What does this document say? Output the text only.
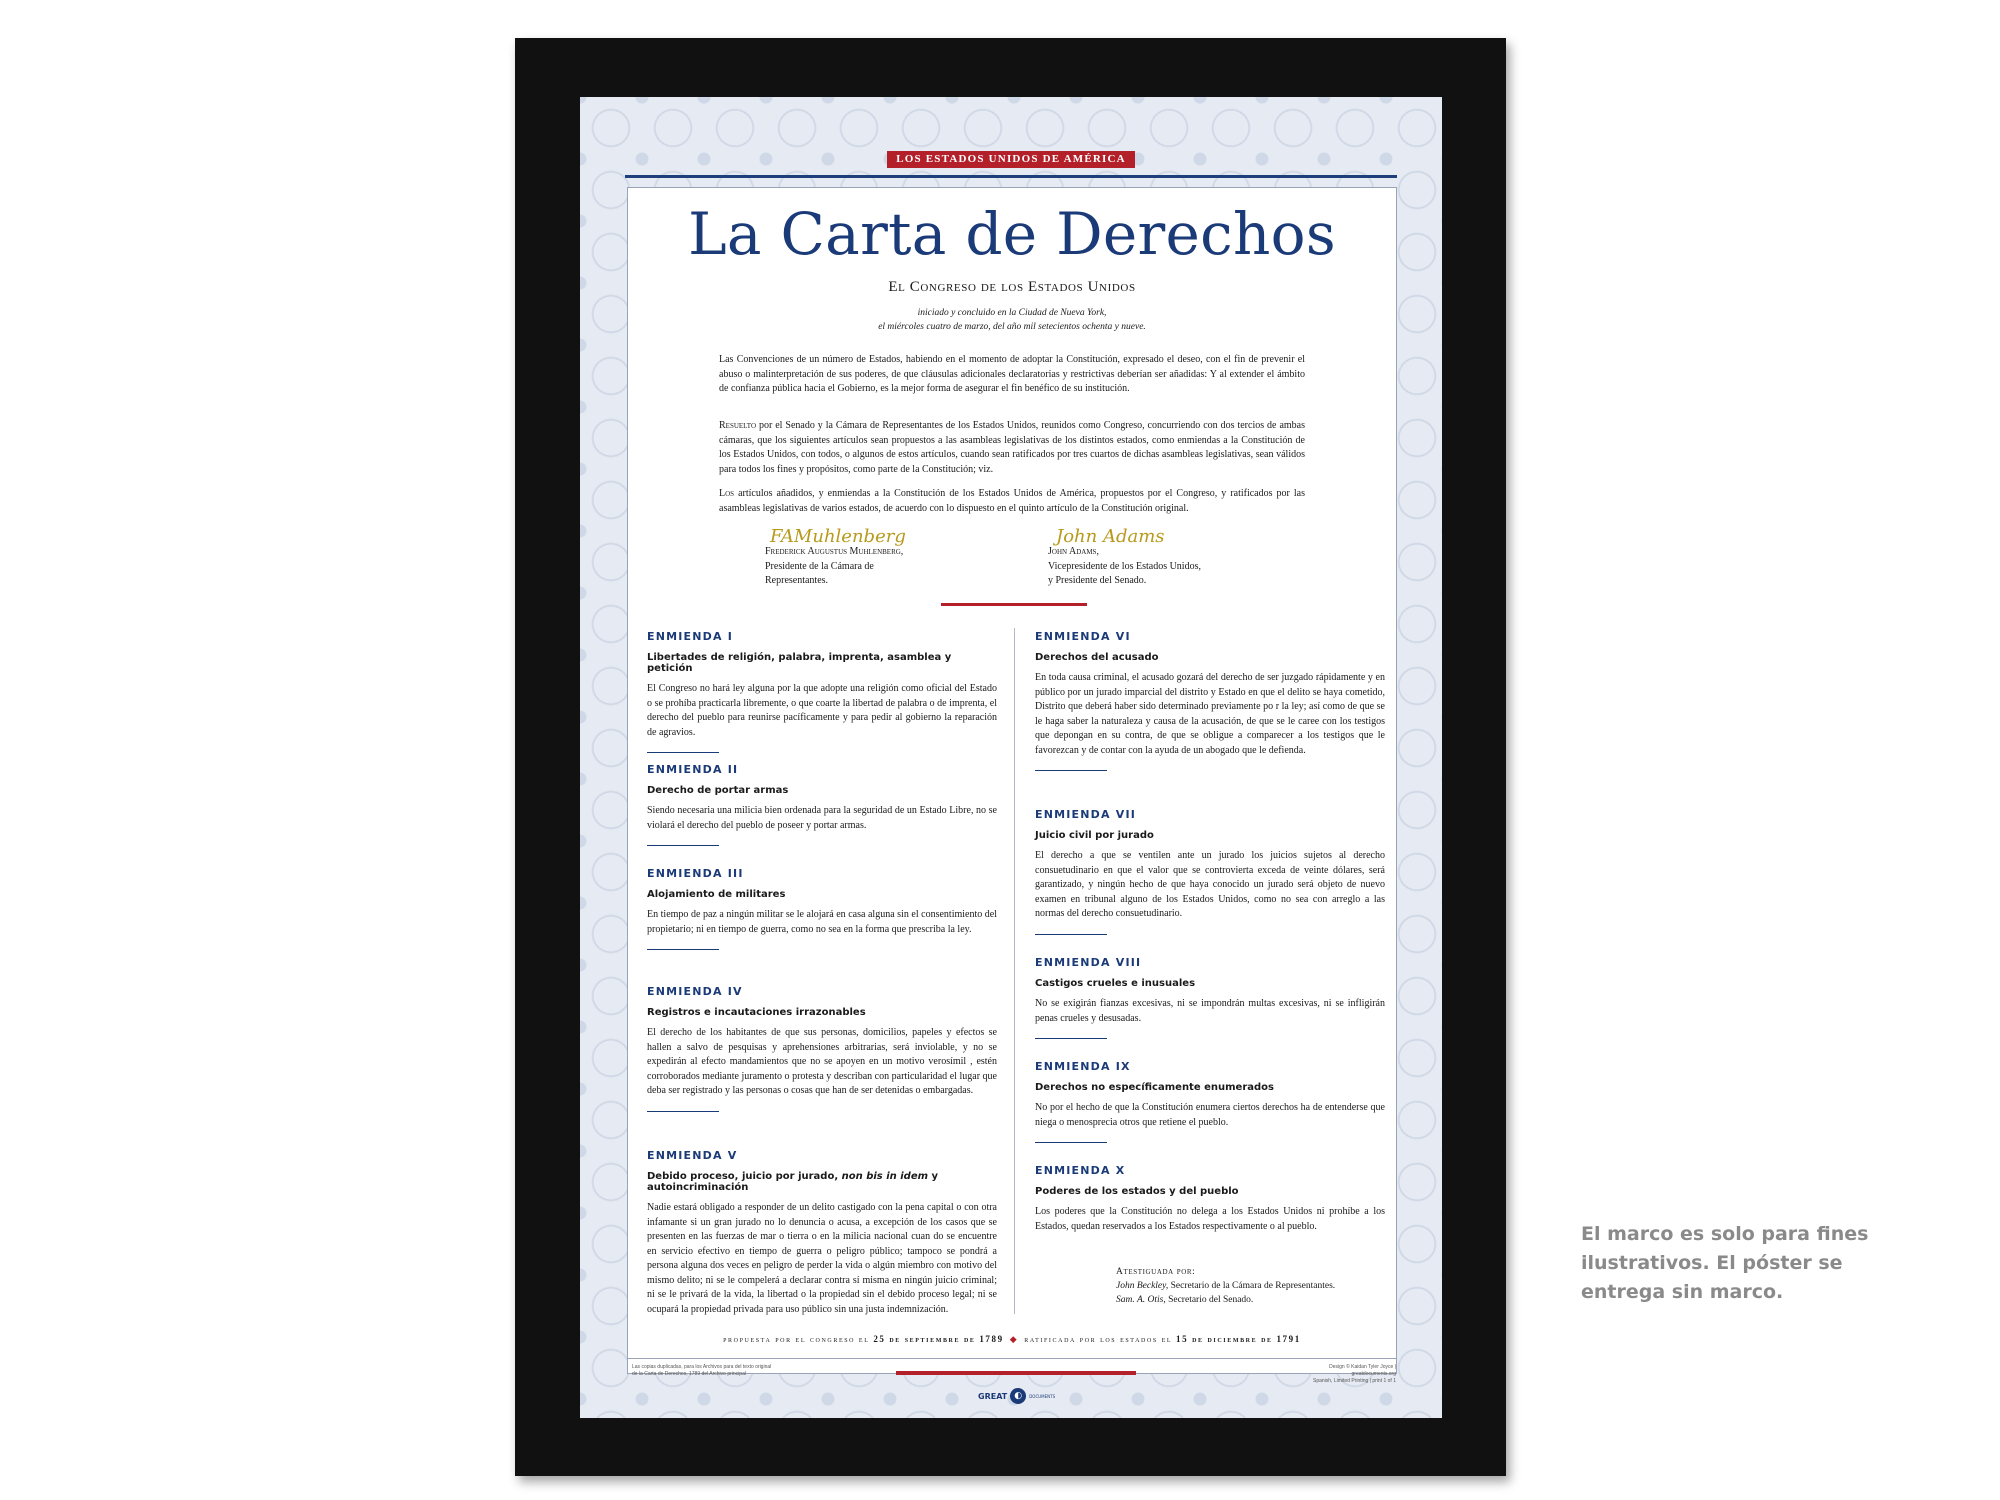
LOS ESTADOS UNIDOS DE AMÉRICA
La Carta de Derechos
El Congreso de los Estados Unidos
iniciado y concluido en la Ciudad de Nueva York,
el miércoles cuatro de marzo, del año mil setecientos ochenta y nueve.
Las Convenciones de un número de Estados, habiendo en el momento de adoptar la Constitución, expresado el deseo, con el fin de prevenir el abuso o malinterpretación de sus poderes, de que cláusulas adicionales declaratorias y restrictivas deberían ser añadidas: Y al extender el ámbito de confianza pública hacia el Gobierno, es la mejor forma de asegurar el fin benéfico de su institución.
Resuelto por el Senado y la Cámara de Representantes de los Estados Unidos, reunidos como Congreso, concurriendo con dos tercios de ambas cámaras, que los siguientes artículos sean propuestos a las asambleas legislativas de los distintos estados, como enmiendas a la Constitución de los Estados Unidos, con todos, o algunos de estos artículos, cuando sean ratificados por tres cuartos de dichas asambleas legislativas, sean válidos para todos los fines y propósitos, como parte de la Constitución; viz.
Los artículos añadidos, y enmiendas a la Constitución de los Estados Unidos de América, propuestos por el Congreso, y ratificados por las asambleas legislativas de varios estados, de acuerdo con lo dispuesto en el quinto artículo de la Constitución original.
FAMuhlenberg
Frederick Augustus Muhlenberg,
Presidente de la Cámara de
Representantes.
John Adams
John Adams,
Vicepresidente de los Estados Unidos,
y Presidente del Senado.
ENMIENDA I
Libertades de religión, palabra, imprenta, asamblea y petición
El Congreso no hará ley alguna por la que adopte una religión como oficial del Estado o se prohíba practicarla libremente, o que coarte la libertad de palabra o de imprenta, el derecho del pueblo para reunirse pacíficamente y para pedir al gobierno la reparación de agravios.
ENMIENDA II
Derecho de portar armas
Siendo necesaria una milicia bien ordenada para la seguridad de un Estado Libre, no se violará el derecho del pueblo de poseer y portar armas.
ENMIENDA III
Alojamiento de militares
En tiempo de paz a ningún militar se le alojará en casa alguna sin el consentimiento del propietario; ni en tiempo de guerra, como no sea en la forma que prescriba la ley.
ENMIENDA IV
Registros e incautaciones irrazonables
El derecho de los habitantes de que sus personas, domicilios, papeles y efectos se hallen a salvo de pesquisas y aprehensiones arbitrarias, será inviolable, y no se expedirán al efecto mandamientos que no se apoyen en un motivo verosímil , estén corroborados mediante juramento o protesta y describan con particularidad el lugar que deba ser registrado y las personas o cosas que han de ser detenidas o embargadas.
ENMIENDA V
Debido proceso, juicio por jurado, non bis in idem y autoincriminación
Nadie estará obligado a responder de un delito castigado con la pena capital o con otra infamante si un gran jurado no lo denuncia o acusa, a excepción de los casos que se presenten en las fuerzas de mar o tierra o en la milicia nacional cuan do se encuentre en servicio efectivo en tiempo de guerra o peligro público; tampoco se pondrá a persona alguna dos veces en peligro de perder la vida o algún miembro con motivo del mismo delito; ni se le compelerá a declarar contra sí misma en ningún juicio criminal; ni se le privará de la vida, la libertad o la propiedad sin el debido proceso legal; ni se ocupará la propiedad privada para uso público sin una justa indemnización.
ENMIENDA VI
Derechos del acusado
En toda causa criminal, el acusado gozará del derecho de ser juzgado rápidamente y en público por un jurado imparcial del distrito y Estado en que el delito se haya cometido, Distrito que deberá haber sido determinado previamente po r la ley; así como de que se le haga saber la naturaleza y causa de la acusación, de que se le caree con los testigos que depongan en su contra, de que se obligue a comparecer a los testigos que le favorezcan y de contar con la ayuda de un abogado que le defienda.
ENMIENDA VII
Juicio civil por jurado
El derecho a que se ventilen ante un jurado los juicios sujetos al derecho consuetudinario en que el valor que se controvierta exceda de veinte dólares, será garantizado, y ningún hecho de que haya conocido un jurado será objeto de nuevo examen en tribunal alguno de los Estados Unidos, como no sea con arreglo a las normas del derecho consuetudinario.
ENMIENDA VIII
Castigos crueles e inusuales
No se exigirán fianzas excesivas, ni se impondrán multas excesivas, ni se infligirán penas crueles y desusadas.
ENMIENDA IX
Derechos no específicamente enumerados
No por el hecho de que la Constitución enumera ciertos derechos ha de entenderse que niega o menosprecia otros que retiene el pueblo.
ENMIENDA X
Poderes de los estados y del pueblo
Los poderes que la Constitución no delega a los Estados Unidos ni prohíbe a los Estados, quedan reservados a los Estados respectivamente o al pueblo.
Atestiguada por:
John Beckley, Secretario de la Cámara de Representantes.
Sam. A. Otis, Secretario del Senado.
propuesta por el congreso el 25 de septiembre de 1789 ◆ ratificada por los estados el 15 de diciembre de 1791
Las copias duplicadas, para los Archivos para del texto original
de la Carta de Derechos, 1789 del Archivo principal
Design © Kaidan Tyler Joyce | greatdocuments.org
Spanish, Limited Printing | print 1 of 1
GREAT ◐	DOCUMENTS
El marco es solo para fines ilustrativos. El póster se entrega sin marco.
